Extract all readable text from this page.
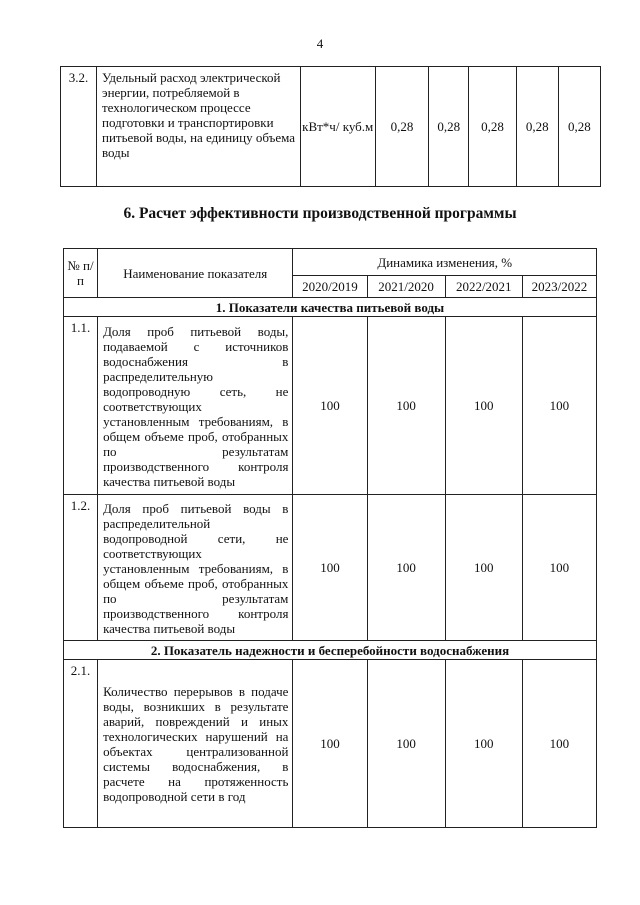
4
3.2.	Удельный расход электрической энергии, потребляемой в технологическом процессе подготовки и транспортировки питьевой воды, на единицу объема воды	кВт*ч/ куб.м	0,28	0,28	0,28	0,28	0,28
6. Расчет эффективности производственной программы
№ п/п	Наименование показателя	Динамика изменения, %			
		2020/2019	2021/2020	2022/2021	2023/2022
1. Показатели качества питьевой воды					
1.1.	Доля проб питьевой воды, подаваемой с источников водоснабжения в распределительную водопроводную сеть, не соответствующих установленным требованиям, в общем объеме проб, отобранных по результатам производственного контроля качества питьевой воды	100	100	100	100
1.2.	Доля проб питьевой воды в распределительной водопроводной сети, не соответствующих установленным требованиям, в общем объеме проб, отобранных по результатам производственного контроля качества питьевой воды	100	100	100	100
2. Показатель надежности и бесперебойности водоснабжения					
2.1.	Количество перерывов в подаче воды, возникших в результате аварий, повреждений и иных технологических нарушений на объектах централизованной системы водоснабжения, в расчете на протяженность водопроводной сети в год	100	100	100	100
